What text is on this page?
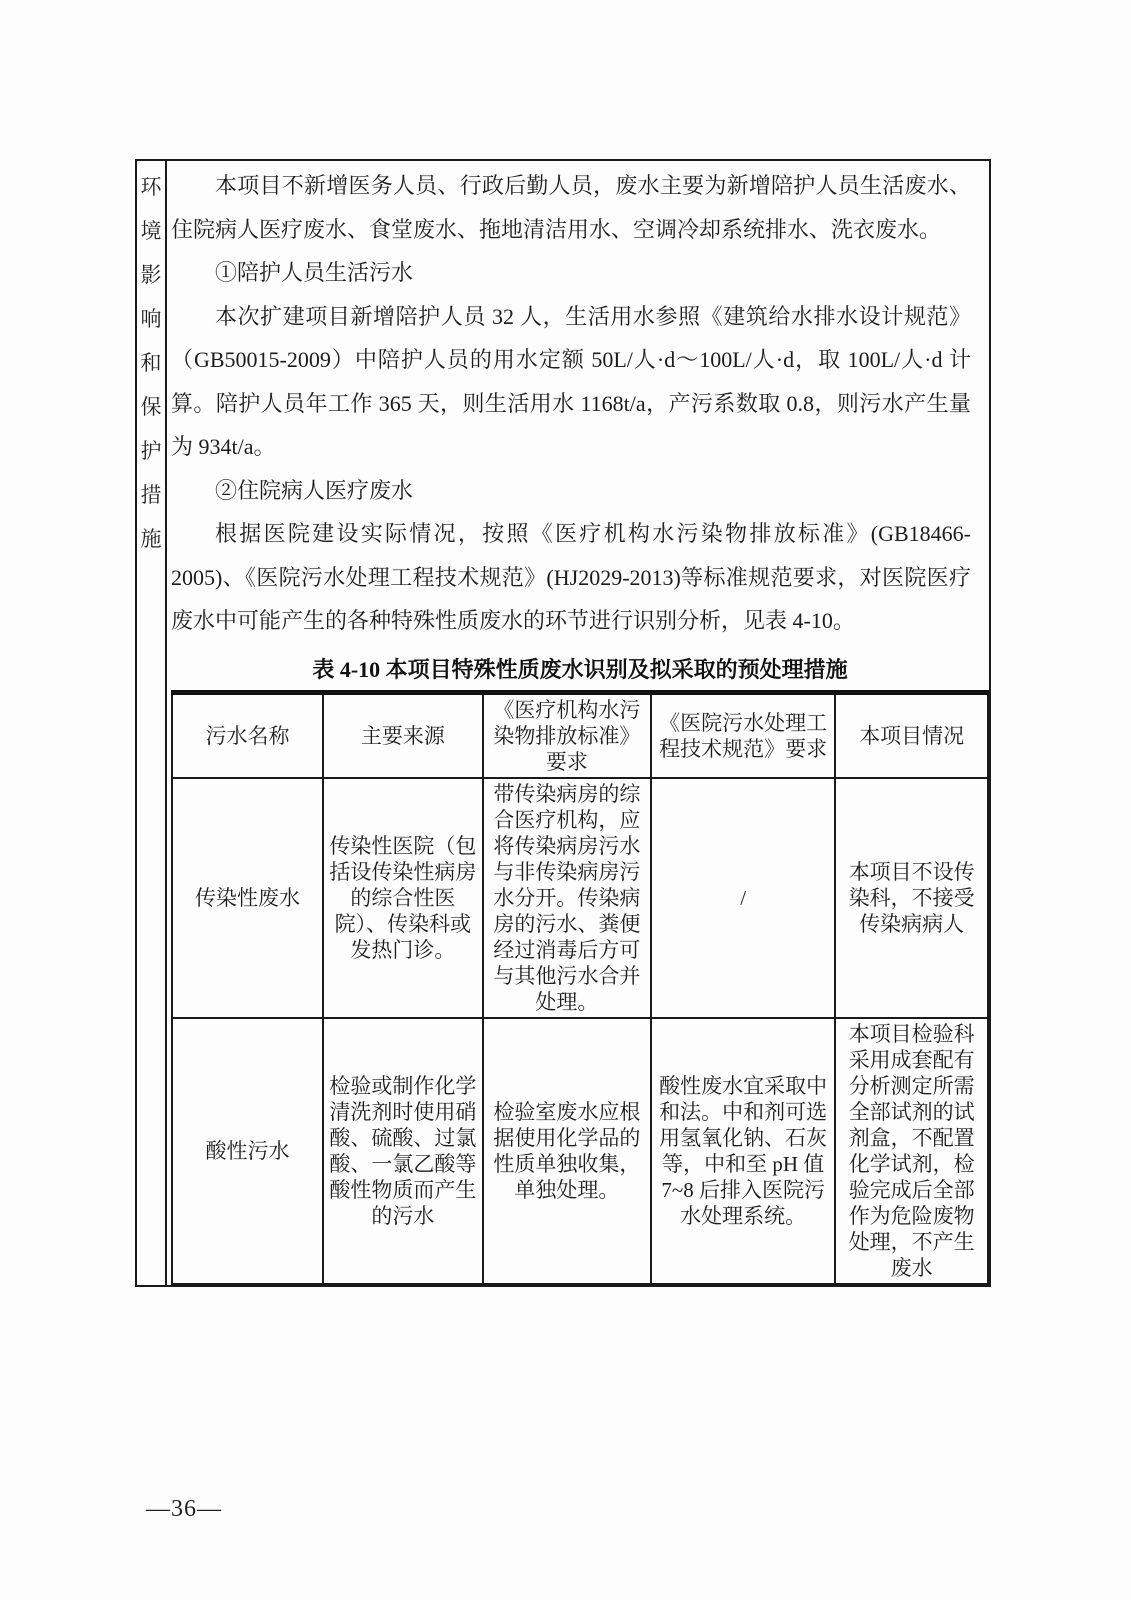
环境影响和保护措施

本项目不新增医务人员、行政后勤人员，废水主要为新增陪护人员生活废水、住院病人医疗废水、食堂废水、拖地清洁用水、空调冷却系统排水、洗衣废水。

①陪护人员生活污水

本次扩建项目新增陪护人员 32 人，生活用水参照《建筑给水排水设计规范》（GB50015-2009）中陪护人员的用水定额 50L/人·d～100L/人·d，取 100L/人·d 计算。陪护人员年工作 365 天，则生活用水 1168t/a，产污系数取 0.8，则污水产生量为 934t/a。

②住院病人医疗废水

根据医院建设实际情况，按照《医疗机构水污染物排放标准》(GB18466-2005)、《医院污水处理工程技术规范》(HJ2029-2013)等标准规范要求，对医院医疗废水中可能产生的各种特殊性质废水的环节进行识别分析，见表 4-10。

表 4-10 本项目特殊性质废水识别及拟采取的预处理措施
污水名称	主要来源	《医疗机构水污染物排放标准》要求	《医院污水处理工程技术规范》要求	本项目情况
传染性废水	传染性医院（包括设传染性病房的综合性医院）、传染科或发热门诊。	带传染病房的综合医疗机构，应将传染病房污水与非传染病房污水分开。传染病房的污水、粪便经过消毒后方可与其他污水合并处理。	/	本项目不设传染科，不接受传染病病人
酸性污水	检验或制作化学清洗剂时使用硝酸、硫酸、过氯酸、一氯乙酸等酸性物质而产生的污水	检验室废水应根据使用化学品的性质单独收集，单独处理。	酸性废水宜采取中和法。中和剂可选用氢氧化钠、石灰等，中和至 pH 值 7~8 后排入医院污水处理系统。	本项目检验科采用成套配有分析测定所需全部试剂的试剂盒，不配置化学试剂，检验完成后全部作为危险废物处理，不产生废水
—36—
